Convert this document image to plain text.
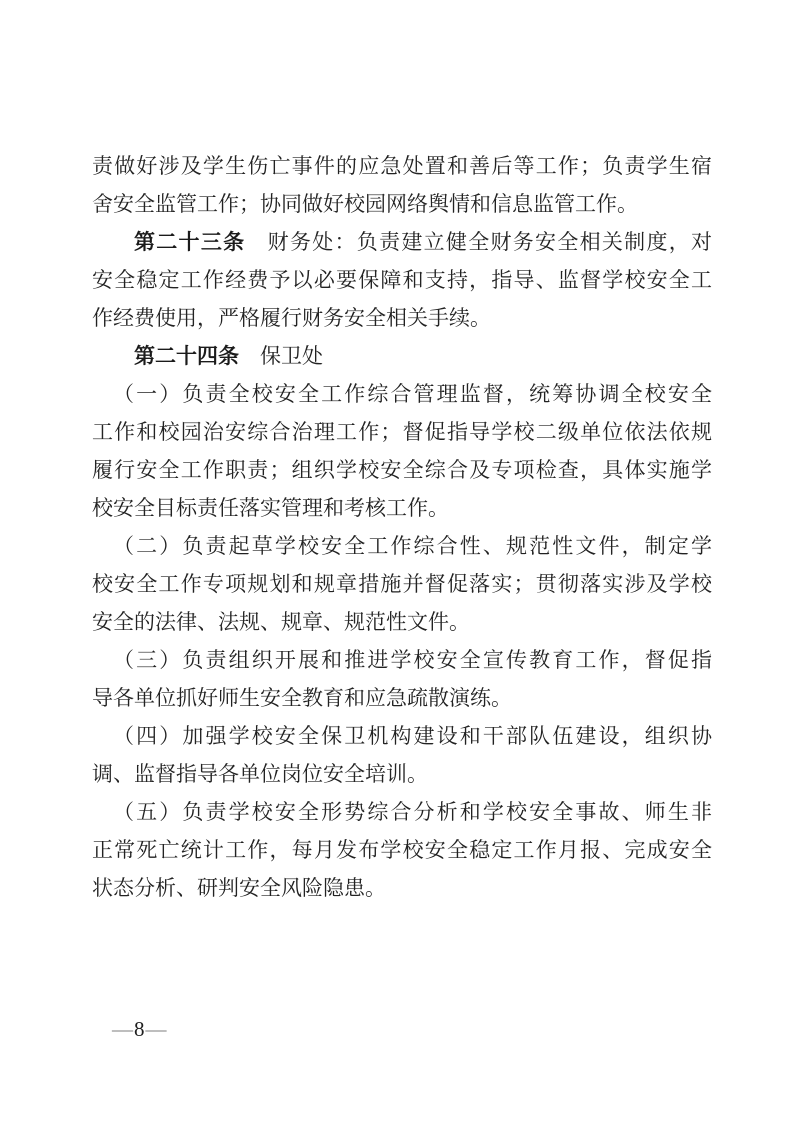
责做好涉及学生伤亡事件的应急处置和善后等工作；负责学生宿
舍安全监管工作；协同做好校园网络舆情和信息监管工作。
第二十三条　财务处：负责建立健全财务安全相关制度，对
安全稳定工作经费予以必要保障和支持，指导、监督学校安全工
作经费使用，严格履行财务安全相关手续。
第二十四条　保卫处
（一）负责全校安全工作综合管理监督，统筹协调全校安全
工作和校园治安综合治理工作；督促指导学校二级单位依法依规
履行安全工作职责；组织学校安全综合及专项检查，具体实施学
校安全目标责任落实管理和考核工作。
（二）负责起草学校安全工作综合性、规范性文件，制定学
校安全工作专项规划和规章措施并督促落实；贯彻落实涉及学校
安全的法律、法规、规章、规范性文件。
（三）负责组织开展和推进学校安全宣传教育工作，督促指
导各单位抓好师生安全教育和应急疏散演练。
（四）加强学校安全保卫机构建设和干部队伍建设，组织协
调、监督指导各单位岗位安全培训。
（五）负责学校安全形势综合分析和学校安全事故、师生非
正常死亡统计工作，每月发布学校安全稳定工作月报、完成安全
状态分析、研判安全风险隐患。
—8—
